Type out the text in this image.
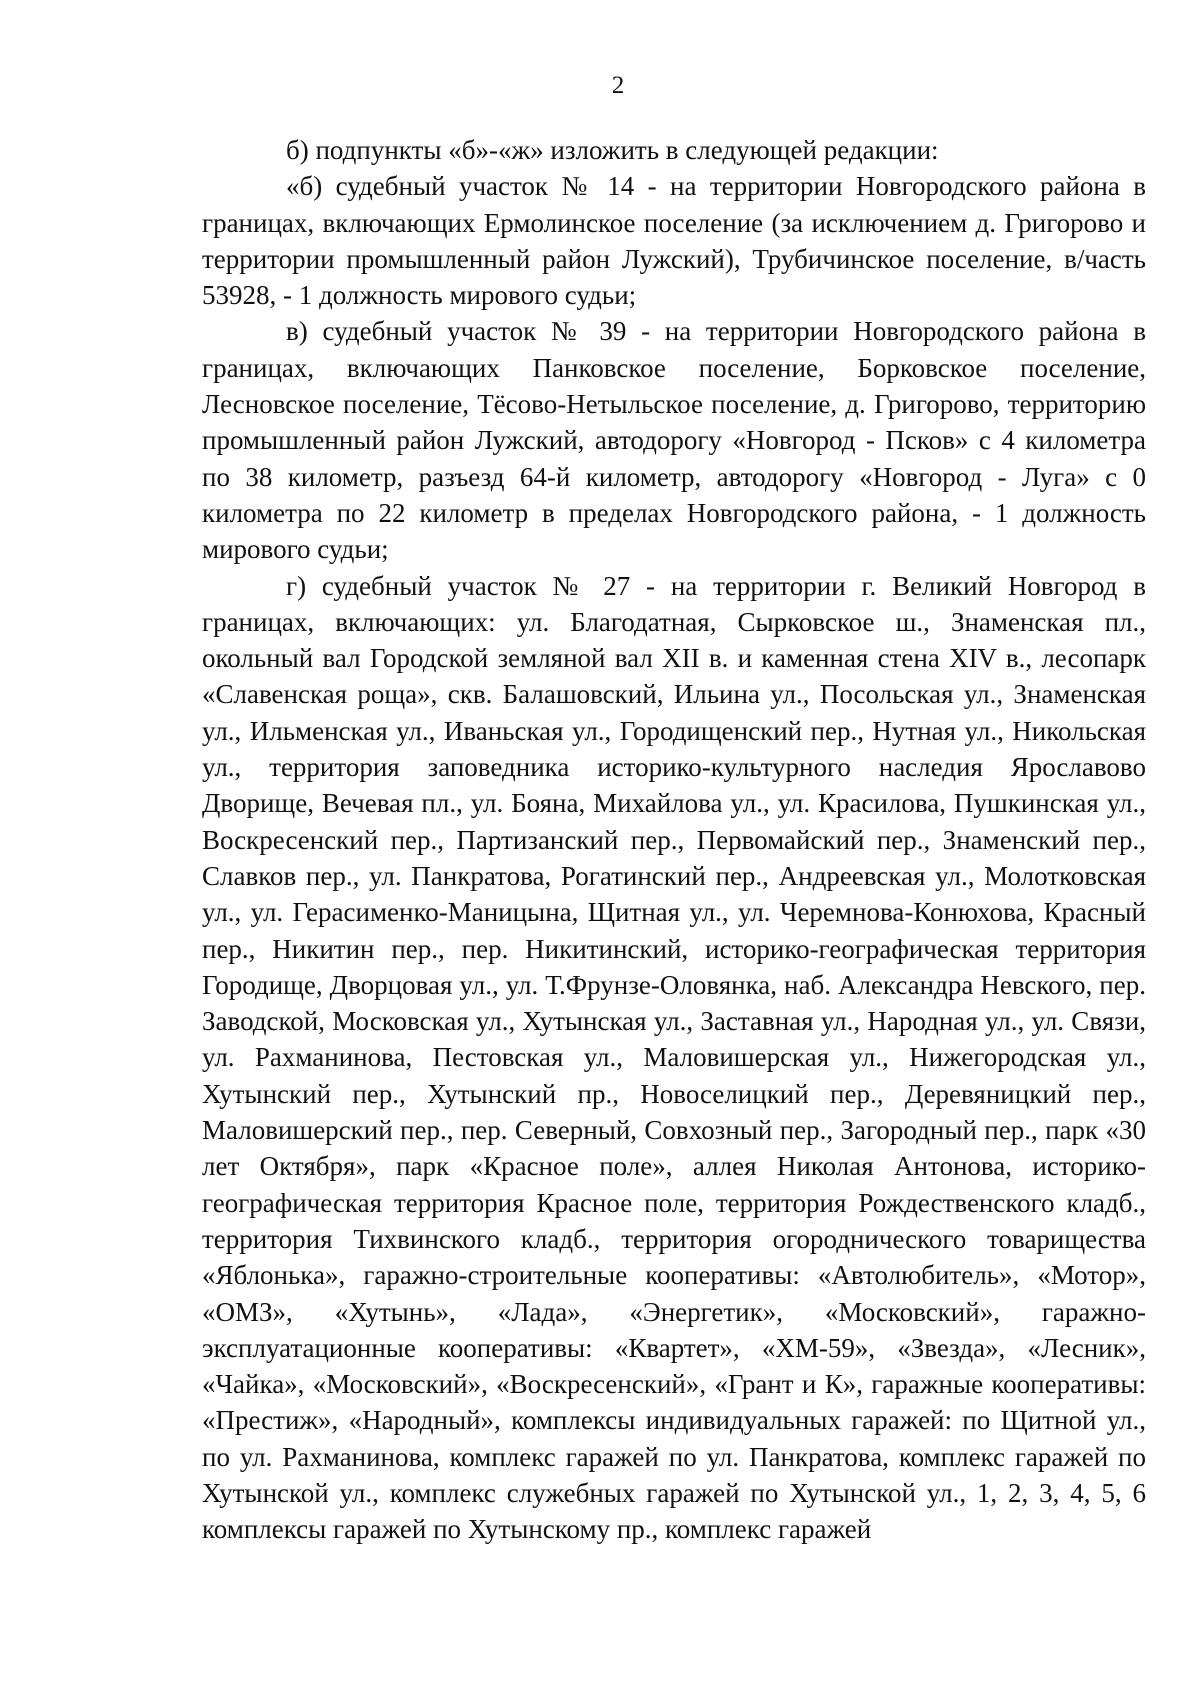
2

б) подпункты «б»-«ж» изложить в следующей редакции:

«б) судебный участок № 14 - на территории Новгородского района в границах, включающих Ермолинское поселение (за исключением д. Григорово и территории промышленный район Лужский), Трубичинское поселение, в/часть 53928, - 1 должность мирового судьи;

в) судебный участок № 39 - на территории Новгородского района в границах, включающих Панковское поселение, Борковское поселение, Лесновское поселение, Тёсово-Нетыльское поселение, д. Григорово, территорию промышленный район Лужский, автодорогу «Новгород - Псков» с 4 километра по 38 километр, разъезд 64-й километр, автодорогу «Новгород - Луга» с 0 километра по 22 километр в пределах Новгородского района, - 1 должность мирового судьи;

г) судебный участок № 27 - на территории г. Великий Новгород в границах, включающих: ул. Благодатная, Сырковское ш., Знаменская пл., окольный вал Городской земляной вал XII в. и каменная стена XIV в., лесопарк «Славенская роща», скв. Балашовский, Ильина ул., Посольская ул., Знаменская ул., Ильменская ул., Иваньская ул., Городищенский пер., Нутная ул., Никольская ул., территория заповедника историко-культурного наследия Ярославово Дворище, Вечевая пл., ул. Бояна, Михайлова ул., ул. Красилова, Пушкинская ул., Воскресенский пер., Партизанский пер., Первомайский пер., Знаменский пер., Славков пер., ул. Панкратова, Рогатинский пер., Андреевская ул., Молотковская ул., ул. Герасименко-Маницына, Щитная ул., ул. Черемнова-Конюхова, Красный пер., Никитин пер., пер. Никитинский, историко-географическая территория Городище, Дворцовая ул., ул. Т.Фрунзе-Оловянка, наб. Александра Невского, пер. Заводской, Московская ул., Хутынская ул., Заставная ул., Народная ул., ул. Связи, ул. Рахманинова, Пестовская ул., Маловишерская ул., Нижегородская ул., Хутынский пер., Хутынский пр., Новоселицкий пер., Деревяницкий пер., Маловишерский пер., пер. Северный, Совхозный пер., Загородный пер., парк «30 лет Октября», парк «Красное поле», аллея Николая Антонова, историко-географическая территория Красное поле, территория Рождественского кладб., территория Тихвинского кладб., территория огороднического товарищества «Яблонька», гаражно-строительные кооперативы: «Автолюбитель», «Мотор», «ОМЗ», «Хутынь», «Лада», «Энергетик», «Московский», гаражно-эксплуатационные кооперативы: «Квартет», «ХМ-59», «Звезда», «Лесник», «Чайка», «Московский», «Воскресенский», «Грант и К», гаражные кооперативы: «Престиж», «Народный», комплексы индивидуальных гаражей: по Щитной ул., по ул. Рахманинова, комплекс гаражей по ул. Панкратова, комплекс гаражей по Хутынской ул., комплекс служебных гаражей по Хутынской ул., 1, 2, 3, 4, 5, 6 комплексы гаражей по Хутынскому пр., комплекс гаражей
